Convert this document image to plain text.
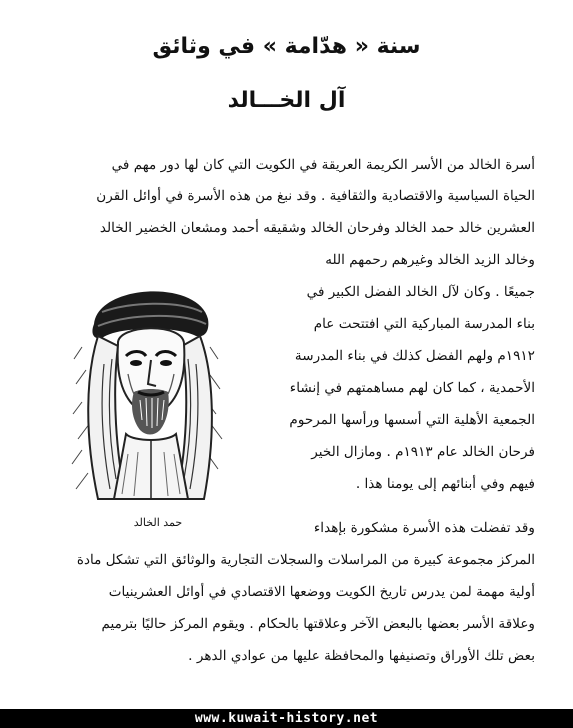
سنة « هدّامة » في وثائق
آل الخـــالد
أسرة الخالد من الأسر الكريمة العريقة في الكويت التي كان لها دور مهم في
الحياة السياسية والاقتصادية والثقافية . وقد نبغ من هذه الأسرة في أوائل القرن
العشرين خالد حمد الخالد وفرحان الخالد وشقيقه أحمد ومشعان الخضير الخالد
وخالد الزيد الخالد وغيرهم رحمهم الله
جميعًا . وكان لآل الخالد الفضل الكبير في
بناء المدرسة المباركية التي افتتحت عام
١٩١٢م ولهم الفضل كذلك في بناء المدرسة
الأحمدية ، كما كان لهم مساهمتهم في إنشاء
الجمعية الأهلية التي أسسها ورأسها المرحوم
فرحان الخالد عام ١٩١٣م . ومازال الخير
فيهم وفي أبنائهم إلى يومنا هذا .
وقد تفضلت هذه الأسرة مشكورة بإهداء
المركز مجموعة كبيرة من المراسلات والسجلات التجارية والوثائق التي تشكل مادة
أولية مهمة لمن يدرس تاريخ الكويت ووضعها الاقتصادي في أوائل العشرينيات
وعلاقة الأسر بعضها بالبعض الآخر وعلاقتها بالحكام . ويقوم المركز حاليًا بترميم
بعض تلك الأوراق وتصنيفها والمحافظة عليها من عوادي الدهر .
حمد الخالد
www.kuwait-history.net
